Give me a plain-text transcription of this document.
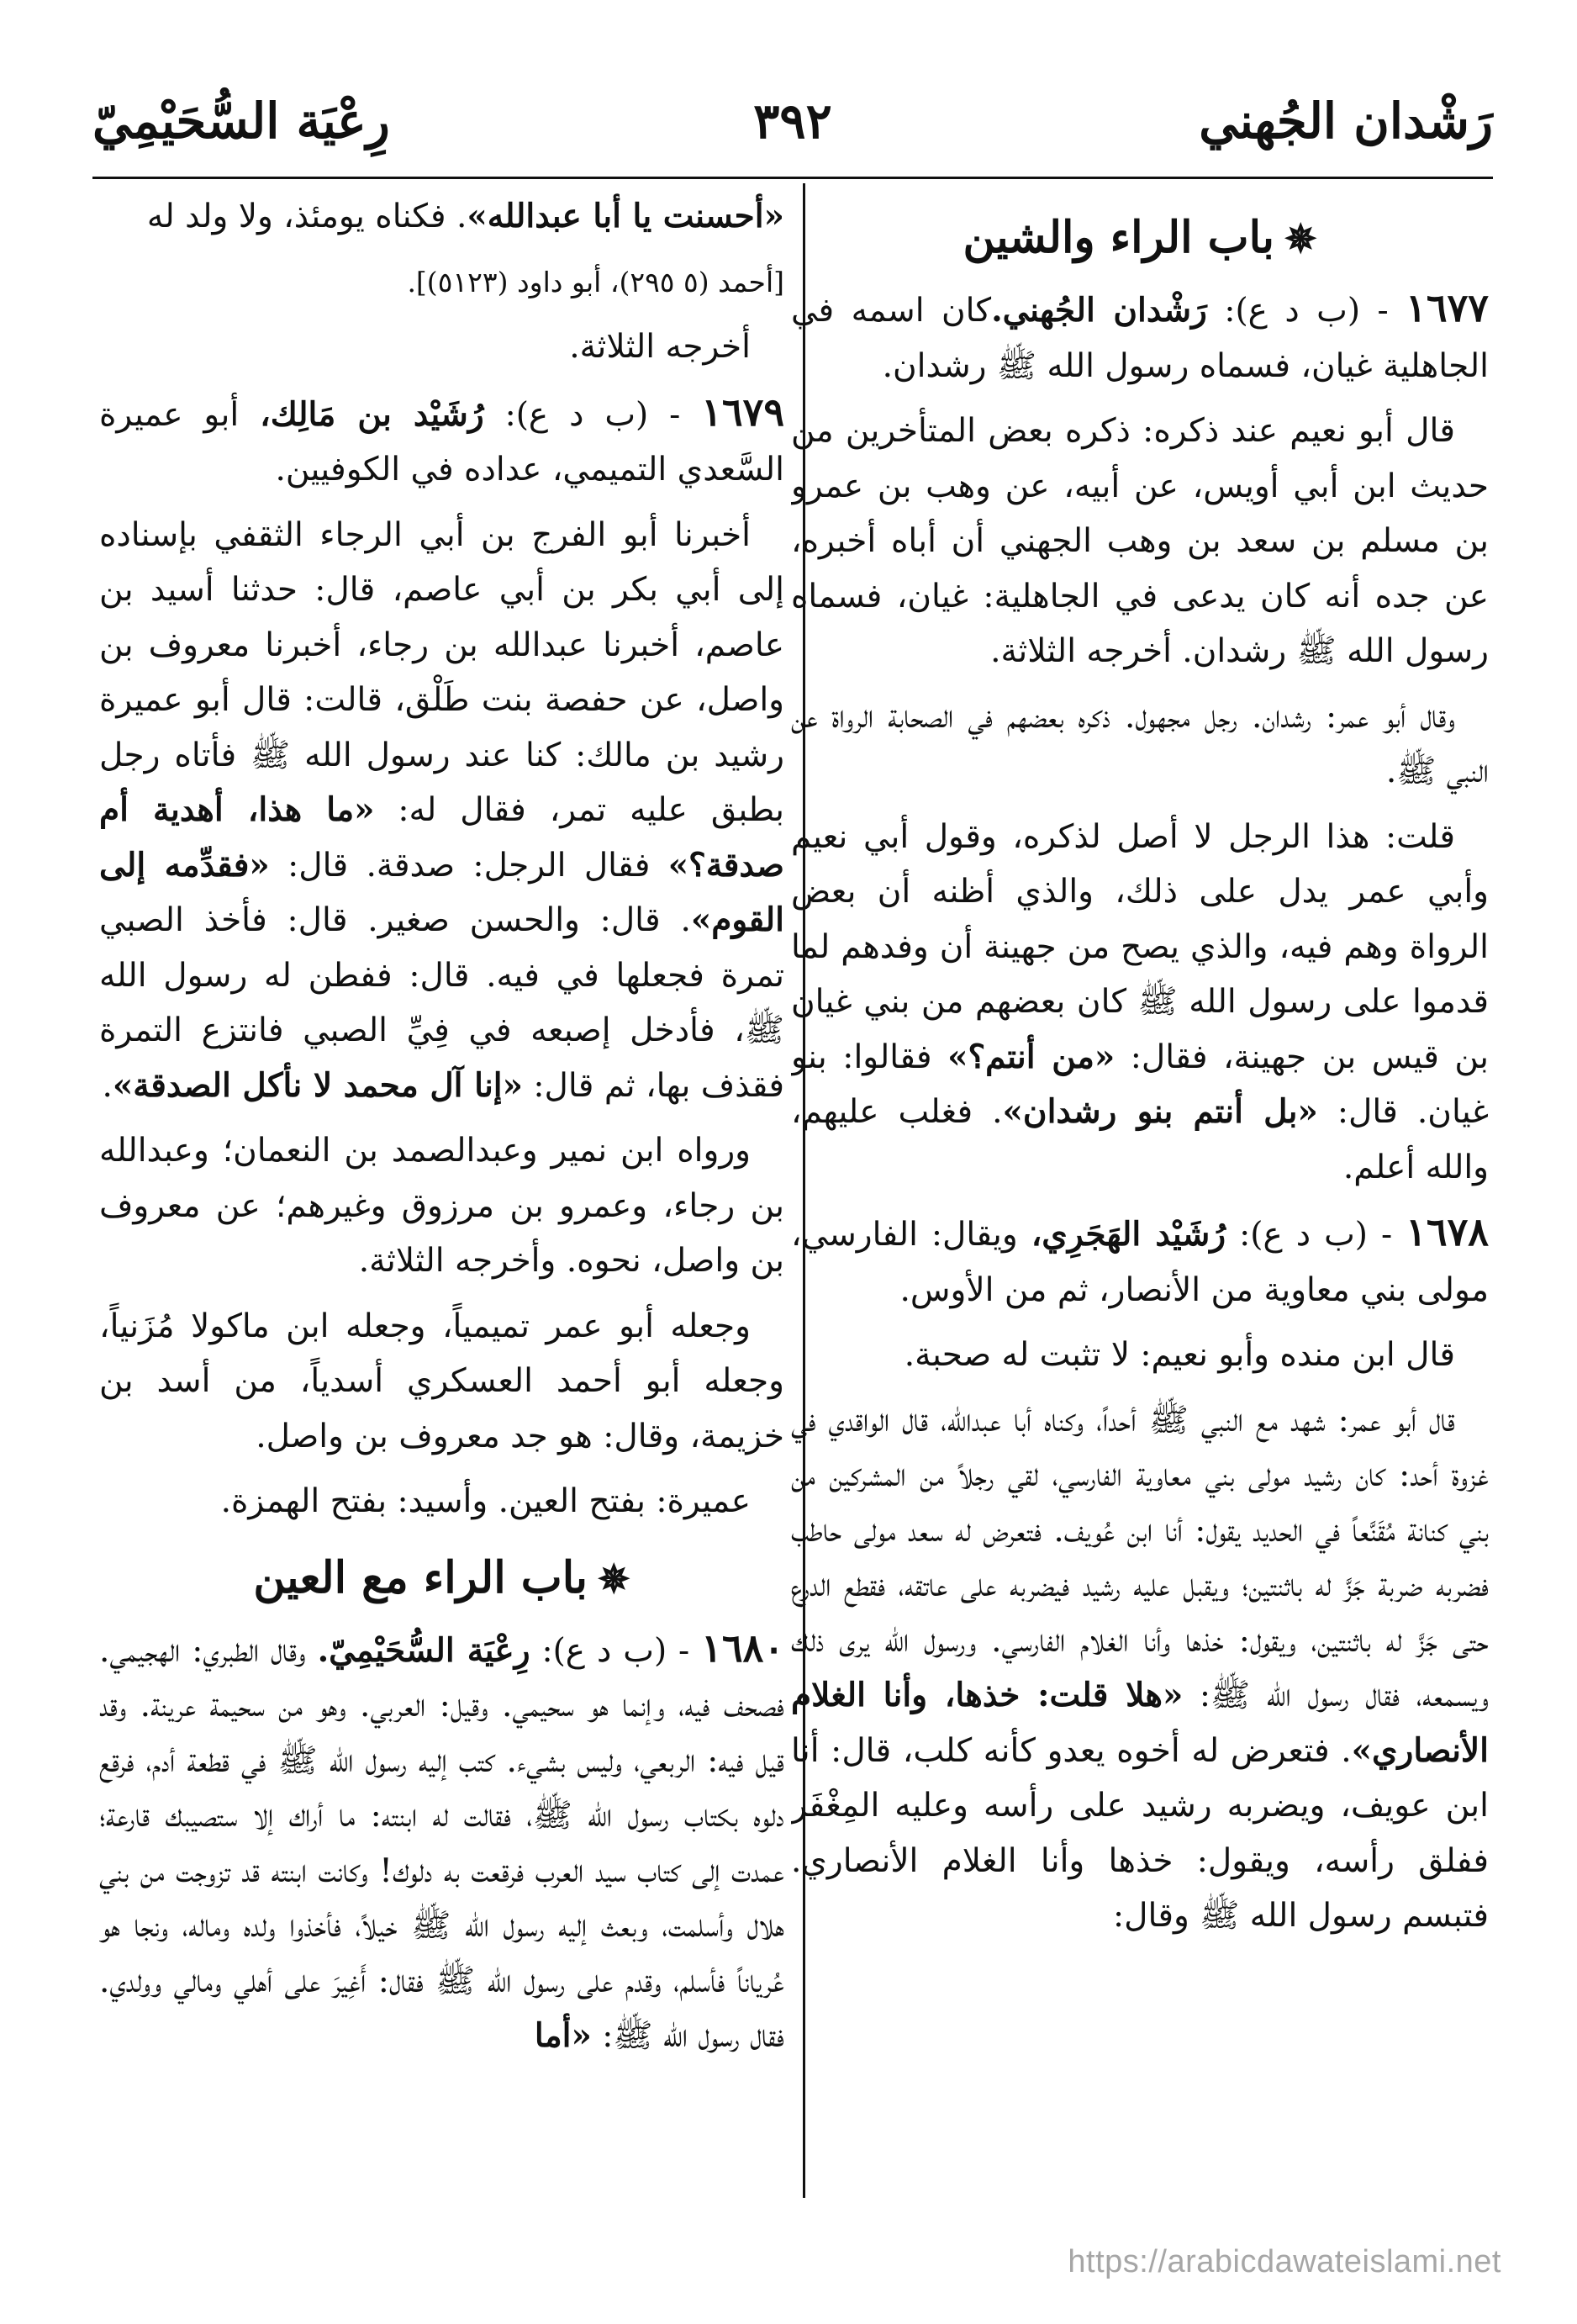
رَشْدان الجُهني
٣٩٢
رِعْيَة السُّحَيْمِيّ
✵باب الراء والشين

١٦٧٧ - (ب د ع): رَشْدان الجُهني.كان اسمه في الجاهلية غيان، فسماه رسول الله ﷺ رشدان.

قال أبو نعيم عند ذكره: ذكره بعض المتأخرين من حديث ابن أبي أويس، عن أبيه، عن وهب بن عمرو بن مسلم بن سعد بن وهب الجهني أن أباه أخبره، عن جده أنه كان يدعى في الجاهلية: غيان، فسماه رسول الله ﷺ رشدان. أخرجه الثلاثة.

وقال أبو عمر: رشدان. رجل مجهول. ذكره بعضهم في الصحابة الرواة عن النبي ﷺ.

قلت: هذا الرجل لا أصل لذكره، وقول أبي نعيم وأبي عمر يدل على ذلك، والذي أظنه أن بعض الرواة وهم فيه، والذي يصح من جهينة أن وفدهم لما قدموا على رسول الله ﷺ كان بعضهم من بني غيان بن قيس بن جهينة، فقال: «من أنتم؟» فقالوا: بنو غيان. قال: «بل أنتم بنو رشدان». فغلب عليهم، والله أعلم.

١٦٧٨ - (ب د ع): رُشَيْد الهَجَرِي، ويقال: الفارسي، مولى بني معاوية من الأنصار، ثم من الأوس.

قال ابن منده وأبو نعيم: لا تثبت له صحبة.

قال أبو عمر: شهد مع النبي ﷺ أحداً، وكناه أبا عبدالله، قال الواقدي في غزوة أحد: كان رشيد مولى بني معاوية الفارسي، لقي رجلاً من المشركين من بني كنانة مُقَنَّعاً في الحديد يقول: أنا ابن عُويف. فتعرض له سعد مولى حاطب فضربه ضربة جَزَّ له باثنتين؛ ويقبل عليه رشيد فيضربه على عاتقه، فقطع الدرع حتى جَزَّ له باثنتين، ويقول: خذها وأنا الغلام الفارسي. ورسول الله يرى ذلك ويسمعه، فقال رسول الله ﷺ: «هلا قلت: خذها، وأنا الغلام الأنصاري». فتعرض له أخوه يعدو كأنه كلب، قال: أنا ابن عويف، ويضربه رشيد على رأسه وعليه المِغْفَر ففلق رأسه، ويقول: خذها وأنا الغلام الأنصاري. فتبسم رسول الله ﷺ وقال:

«أحسنت يا أبا عبدالله». فكناه يومئذ، ولا ولد له

[أحمد (٥ ٢٩٥)، أبو داود (٥١٢٣)].

أخرجه الثلاثة.

١٦٧٩ - (ب د ع): رُشَيْد بن مَالِك، أبو عميرة السَّعدي التميمي، عداده في الكوفيين.

أخبرنا أبو الفرج بن أبي الرجاء الثقفي بإسناده إلى أبي بكر بن أبي عاصم، قال: حدثنا أسيد بن عاصم، أخبرنا عبدالله بن رجاء، أخبرنا معروف بن واصل، عن حفصة بنت طَلْق، قالت: قال أبو عميرة رشيد بن مالك: كنا عند رسول الله ﷺ فأتاه رجل بطبق عليه تمر، فقال له: «ما هذا، أهدية أم صدقة؟» فقال الرجل: صدقة. قال: «فقدِّمه إلى القوم». قال: والحسن صغير. قال: فأخذ الصبي تمرة فجعلها في فيه. قال: ففطن له رسول الله ﷺ، فأدخل إصبعه في فِيِّ الصبي فانتزع التمرة فقذف بها، ثم قال: «إنا آل محمد لا نأكل الصدقة».

ورواه ابن نمير وعبدالصمد بن النعمان؛ وعبدالله بن رجاء، وعمرو بن مرزوق وغيرهم؛ عن معروف بن واصل، نحوه. وأخرجه الثلاثة.

وجعله أبو عمر تميمياً، وجعله ابن ماكولا مُزَنياً، وجعله أبو أحمد العسكري أسدياً، من أسد بن خزيمة، وقال: هو جد معروف بن واصل.

عميرة: بفتح العين. وأسيد: بفتح الهمزة.

✵باب الراء مع العين

١٦٨٠ - (ب د ع): رِعْيَة السُّحَيْمِيّ. وقال الطبري: الهجيمي. فصحف فيه، وإنما هو سحيمي. وقيل: العربي. وهو من سحيمة عرينة. وقد قيل فيه: الربعي، وليس بشيء. كتب إليه رسول الله ﷺ في قطعة أدم، فرقع دلوه بكتاب رسول الله ﷺ، فقالت له ابنته: ما أراك إلا ستصيبك قارعة؛ عمدت إلى كتاب سيد العرب فرقعت به دلوك! وكانت ابنته قد تزوجت من بني هلال وأسلمت، وبعث إليه رسول الله ﷺ خيلاً، فأخذوا ولده وماله، ونجا هو عُرياناً فأسلم، وقدم على رسول الله ﷺ فقال: أَغِيرَ على أهلي ومالي وولدي. فقال رسول الله ﷺ: «أما

https://arabicdawateislami.net
